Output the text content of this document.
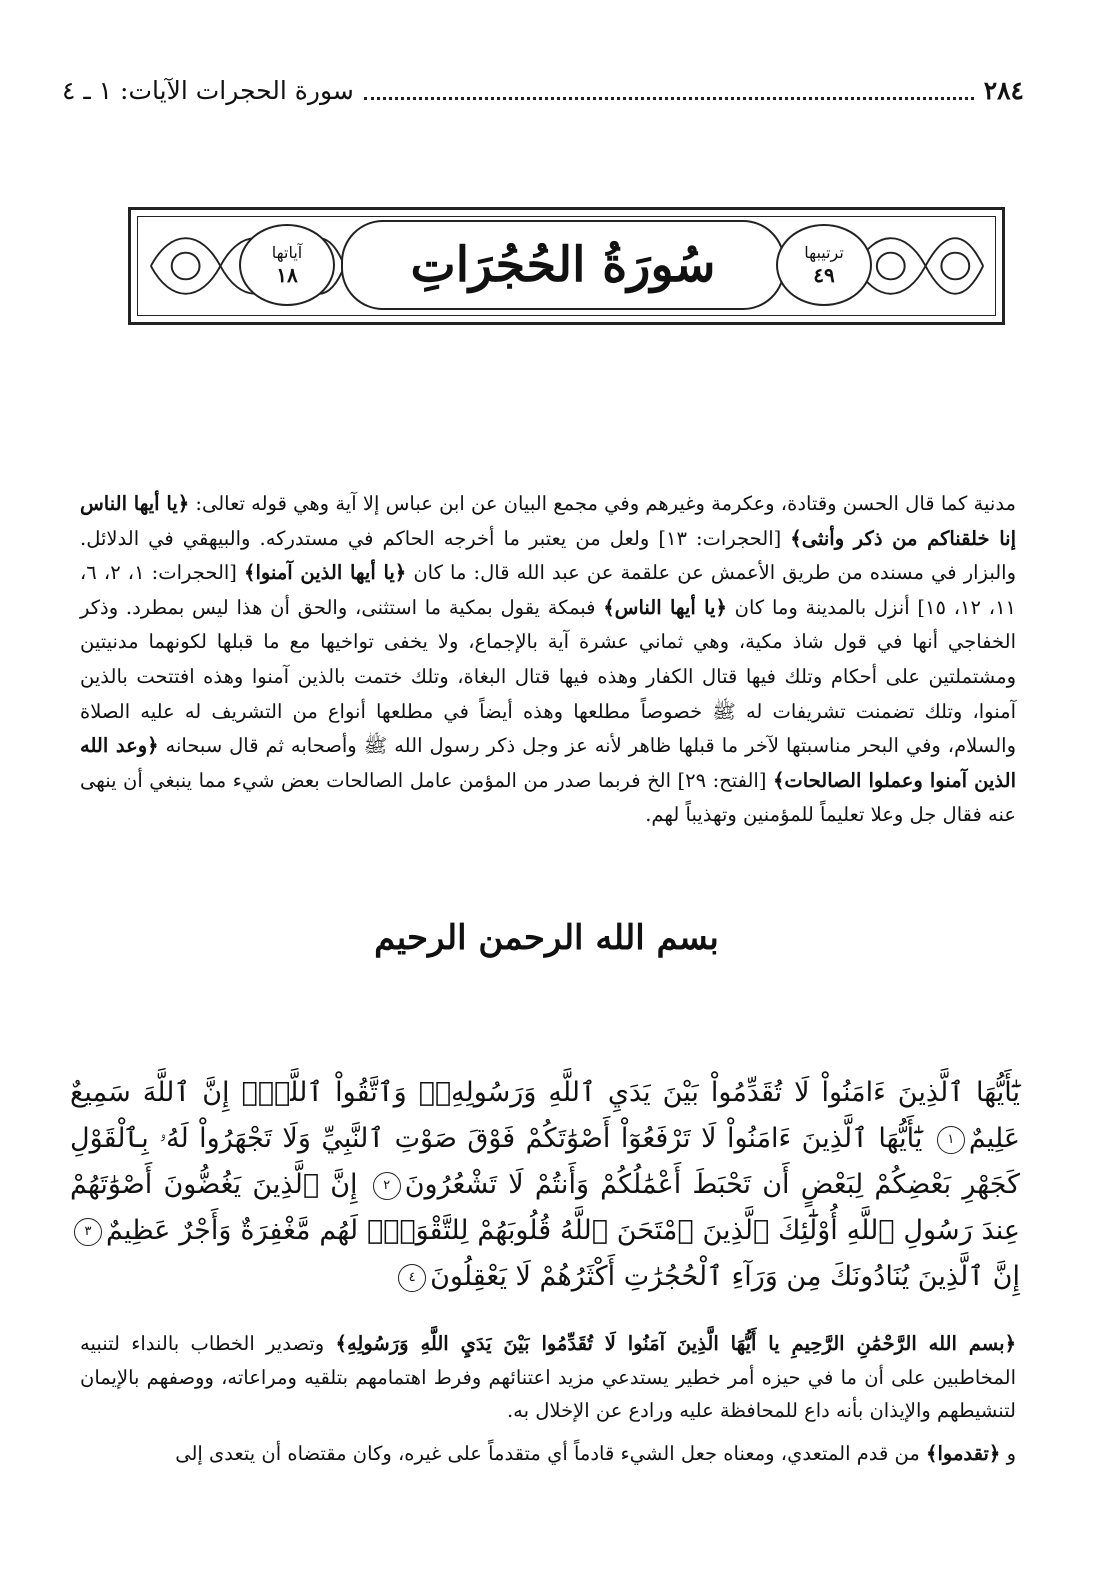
٢٨٤
سورة الحجرات الآيات: ١ ـ ٤
آياتها
١٨ سُورَةُ الحُجُرَاتِ	ترتيبها
٤٩

مدنية كما قال الحسن وقتادة، وعكرمة وغيرهم وفي مجمع البيان عن ابن عباس إلا آية وهي قوله تعالى: ﴿يا أيها الناس إنا خلقناكم من ذكر وأنثى﴾ [الحجرات: ١٣] ولعل من يعتبر ما أخرجه الحاكم في مستدركه. والبيهقي في الدلائل. والبزار في مسنده من طريق الأعمش عن علقمة عن عبد الله قال: ما كان ﴿يا أيها الذين آمنوا﴾ [الحجرات: ١، ٢، ٦، ١١، ١٢، ١٥] أنزل بالمدينة وما كان ﴿يا أيها الناس﴾ فبمكة يقول بمكية ما استثنى، والحق أن هذا ليس بمطرد. وذكر الخفاجي أنها في قول شاذ مكية، وهي ثماني عشرة آية بالإجماع، ولا يخفى تواخيها مع ما قبلها لكونهما مدنيتين ومشتملتين على أحكام وتلك فيها قتال الكفار وهذه فيها قتال البغاة، وتلك ختمت بالذين آمنوا وهذه افتتحت بالذين آمنوا، وتلك تضمنت تشريفات له ﷺ خصوصاً مطلعها وهذه أيضاً في مطلعها أنواع من التشريف له عليه الصلاة والسلام، وفي البحر مناسبتها لآخر ما قبلها ظاهر لأنه عز وجل ذكر رسول الله ﷺ وأصحابه ثم قال سبحانه ﴿وعد الله الذين آمنوا وعملوا الصالحات﴾ [الفتح: ٢٩] الخ فربما صدر من المؤمن عامل الصالحات بعض شيء مما ينبغي أن ينهى عنه فقال جل وعلا تعليماً للمؤمنين وتهذيباً لهم.

بسم الله الرحمن الرحيم

يَٰٓأَيُّهَا ٱلَّذِينَ ءَامَنُواْ لَا تُقَدِّمُواْ بَيْنَ يَدَيِ ٱللَّهِ وَرَسُولِهِۦۖ وَٱتَّقُواْ ٱللَّهَۚ إِنَّ ٱللَّهَ سَمِيعٌ عَلِيمٌ١ يَٰٓأَيُّهَا ٱلَّذِينَ ءَامَنُواْ لَا تَرْفَعُوٓاْ أَصْوَٰتَكُمْ فَوْقَ صَوْتِ ٱلنَّبِيِّ وَلَا تَجْهَرُواْ لَهُۥ بِٱلْقَوْلِ كَجَهْرِ بَعْضِكُمْ لِبَعْضٍ أَن تَحْبَطَ أَعْمَٰلُكُمْ وَأَنتُمْ لَا تَشْعُرُونَ٢ إِنَّ ٱلَّذِينَ يَغُضُّونَ أَصْوَٰتَهُمْ عِندَ رَسُولِ ٱللَّهِ أُوْلَٰٓئِكَ ٱلَّذِينَ ٱمْتَحَنَ ٱللَّهُ قُلُوبَهُمْ لِلتَّقْوَىٰۚ لَهُم مَّغْفِرَةٌ وَأَجْرٌ عَظِيمٌ٣ إِنَّ ٱلَّذِينَ يُنَادُونَكَ مِن وَرَآءِ ٱلْحُجُرَٰتِ أَكْثَرُهُمْ لَا يَعْقِلُونَ٤

﴿بسم الله الرَّحْمَٰنِ الرَّحِيمِ يا أَيُّهَا الَّذِينَ آمَنُوا لَا تُقَدِّمُوا بَيْنَ يَدَيِ اللَّهِ وَرَسُولِهِ﴾ وتصدير الخطاب بالنداء لتنبيه المخاطبين على أن ما في حيزه أمر خطير يستدعي مزيد اعتنائهم وفرط اهتمامهم بتلقيه ومراعاته، ووصفهم بالإيمان لتنشيطهم والإيذان بأنه داع للمحافظة عليه ورادع عن الإخلال به.

و ﴿تقدموا﴾ من قدم المتعدي، ومعناه جعل الشيء قادماً أي متقدماً على غيره، وكان مقتضاه أن يتعدى إلى
